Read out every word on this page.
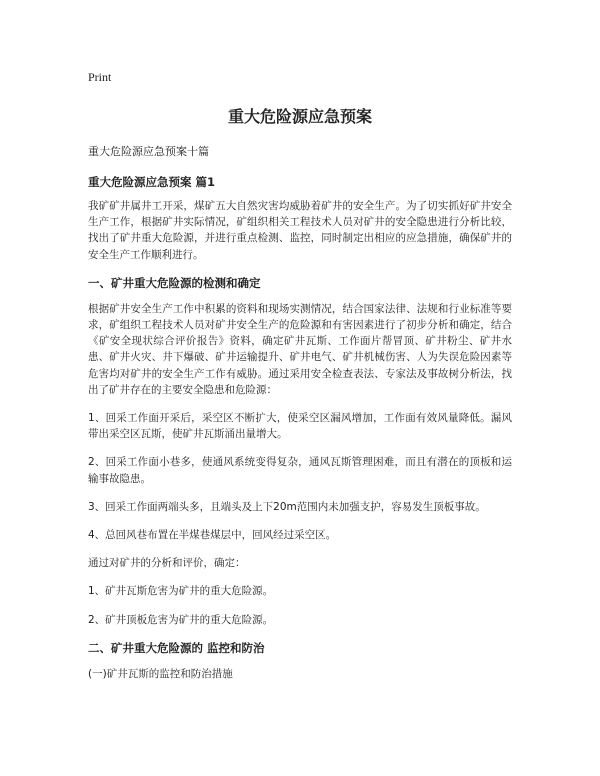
Print
重大危险源应急预案

重大危险源应急预案十篇

重大危险源应急预案 篇1

我矿矿井属井工开采，煤矿五大自然灾害均威胁着矿井的安全生产。为了切实抓好矿井安全生产工作，根据矿井实际情况，矿组织相关工程技术人员对矿井的安全隐患进行分析比较，找出了矿井重大危险源，并进行重点检测、监控，同时制定出相应的应急措施，确保矿井的安全生产工作顺利进行。

一、矿井重大危险源的检测和确定

根据矿井安全生产工作中积累的资料和现场实测情况，结合国家法律、法规和行业标准等要求，矿组织工程技术人员对矿井安全生产的危险源和有害因素进行了初步分析和确定，结合《矿安全现状综合评价报告》资料，确定矿井瓦斯、工作面片帮冒顶、矿井粉尘、矿井水患、矿井火灾、井下爆破、矿井运输提升、矿井电气、矿井机械伤害、人为失误危险因素等危害均对矿井的安全生产工作有威胁。通过采用安全检查表法、专家法及事故树分析法，找出了矿井存在的主要安全隐患和危险源：

1、回采工作面开采后，采空区不断扩大，使采空区漏风增加，工作面有效风量降低。漏风带出采空区瓦斯，使矿井瓦斯涌出量增大。

2、回采工作面小巷多，使通风系统变得复杂，通风瓦斯管理困难，而且有潜在的顶板和运输事故隐患。

3、回采工作面两端头多，且端头及上下20m范围内未加强支护，容易发生顶板事故。

4、总回风巷布置在半煤巷煤层中，回风经过采空区。

通过对矿井的分析和评价，确定：

1、矿井瓦斯危害为矿井的重大危险源。

2、矿井顶板危害为矿井的重大危险源。

二、矿井重大危险源的 监控和防治

(一)矿井瓦斯的监控和防治措施
